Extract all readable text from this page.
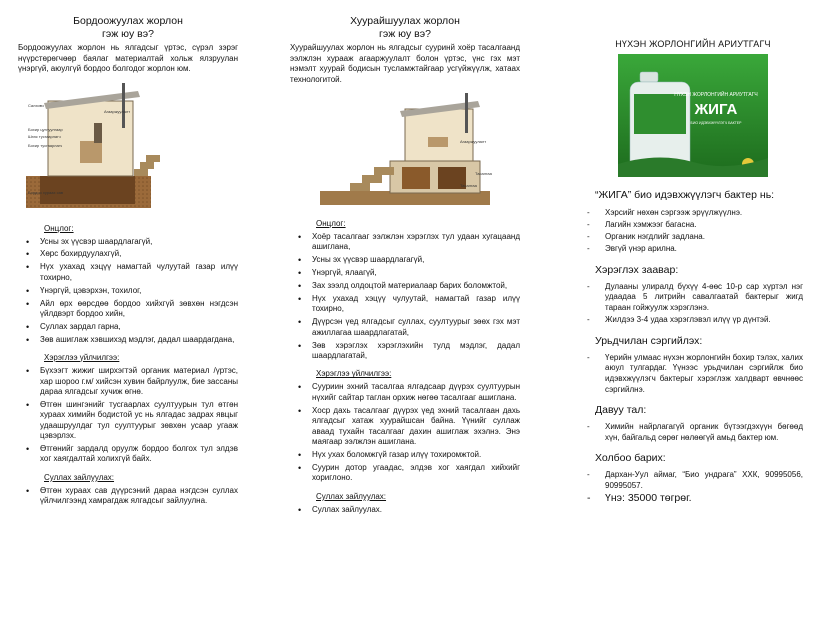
Бордоожуулах жорлон
гэж юу вэ?
Бордоожуулах жорлон нь ялгадсыг үртэс, сүрэл зэрэг нүүрстөрөгчөөр баялаг материалтай хольж ялзруулан үнэргүй, аюулгүй бордоо болгодог жорлон юм.
Салхивч
Бохир цуглуулгаар
Шээс тусгаарлагч
Бохир тусгаарлагч
Бордоо хураах сав
Агааржуулалт
Онцлог:
• Усны эх үүсвэр шаардлагагүй,
• Хөрс бохирдуулахгүй,
• Нүх ухахад хэцүү намагтай чулуутай газар илүү тохирно,
• Үнэргүй, цэвэрхэн, тохилог,
• Айл өрх өөрсдөө бордоо хийхгүй зөвхөн нэгдсэн үйлдвэрт бордоо хийн,
• Суллах зардал гарна,
• Зөв ашиглаж хэвшихэд мэдлэг, дадал шаардагдана,
Хэрэглээ үйлчилгээ:
• Бүхээгт жижиг ширхэгтэй органик материал /үртэс, хар шороо г.м/ хийсэн хувин байрлуулж, бие зассаны дараа ялгадсыг хучиж өгнө.
• Өтгөн шингэнийг тусгаарлах суултуурын тул өтгөн хураах химийн бодистой ус нь ялгадас задрах явцыг удаашруулдаг тул суултуурыг зөвхөн усаар угааж цэвэрлэх.
• Өтгөнийг зардалд оруулж бордоо болгох тул элдэв хог хаягдалтай холихгүй байх.
Суллах зайлуулах:
• Өтгөн хураах сав дүүрсэний дараа нэгдсэн суллах үйлчилгээнд хамрагдаж ялгадсыг зайлуулна.
Хуурайшуулах жорлон
гэж юу вэ?
Хуурайшуулах жорлон нь ялгадсыг сууринй хоёр тасалгаанд ээлжлэн хурааж агааржуулалт болон үртэс, үнс гэх мэт нэмэлт хуурай бодисын тусламжтайгаар усгүйжүүлж, хатаах технологитой.
Агааржуулалт
Тасалгаа
Тасалгаа
Онцлог:
• Хоёр тасалгааг ээлжлэн хэрэглэх тул удаан хугацаанд ашиглана,
• Усны эх үүсвэр шаардлагагүй,
• Үнэргүй, ялаагүй,
• Зах зээлд олдоцтой материалаар барих боломжтой,
• Нүх ухахад хэцүү чулуутай, намагтай газар илүү тохирно,
• Дүүрсэн үед ялгадсыг суллах, суултуурыг зөөх гэх мэт ажиллагаа шаардлагатай,
• Зөв хэрэглэх хэрэглэхийн тулд мэдлэг, дадал шаардлагатай,
Хэрэглээ үйлчилгээ:
• Сууриин эхний тасалгаа ялгадсаар дүүрэх суултуурын нүхийг сайтар таглан орхиж нөгөө тасалгааг ашиглана.
• Хоср дахь тасалгааг дүүрэх үед эхний тасалгаан дахь ялгадсыг хатаж хуурайшсан байна. Үүнийг суллаж аваад тухайн тасалгааг дахин ашиглаж эхэлнэ. Энэ маягаар ээлжлэн ашиглана.
• Нүх ухах боломжгүй газар илүү тохиромжтой.
• Суурин дотор угаадас, элдэв хог хаягдал хийхийг хориглоно.
Суллах зайлуулах:
• Суллах зайлуулах.
НҮХЭН ЖОРЛОНГИЙН АРИУТГАГЧ
НҮХЭН ЖОРЛОНГИЙН АРИУТГАГЧ
ЖИГА
БИО ИДЭВХЖҮҮЛЭГЧ БАКТЕР
“ЖИГА” био идэвхжүүлэгч бактер нь:
- Хэрсийг нөхөн сэргээж эрүүлжүүлнэ.
- Лагийн хэмжээг багасна.
- Органик нэгдлийг задлана.
- Эвгүй үнэр арилна.
Хэрэглэх заавар:
- Дулааны улиралд бүхүү 4-өөс 10-р сар хүртэл нэг удаадаа 5 литрийн савалгаатай бактерыг жигд тараан гойжуулж хэрэглэнэ.
- Жилдээ 3-4 удаа хэрэглэвэл илүү үр дүнтэй.
Урьдчилан сэргийлэх:
- Үерийн улмаас нүхэн жорлонгийн бохир тэлэх, халих аюул тулгардаг. Үүнээс урьдчилан сэргийлж био идэвхжүүлэгч бактерыг хэрэглэж халдварт өвчнөөс сэргийлнэ.
Давуу тал:
- Химийн найрлагагүй органик бүтээгдэхүүн бөгөөд хүн, байгальд сөрөг нөлөөгүй амьд бактер юм.
Холбоо барих:
- Дархан-Уул аймаг, “Био ундрага” ХХК, 90995056, 90995057.
- Үнэ: 35000 төгрөг.
